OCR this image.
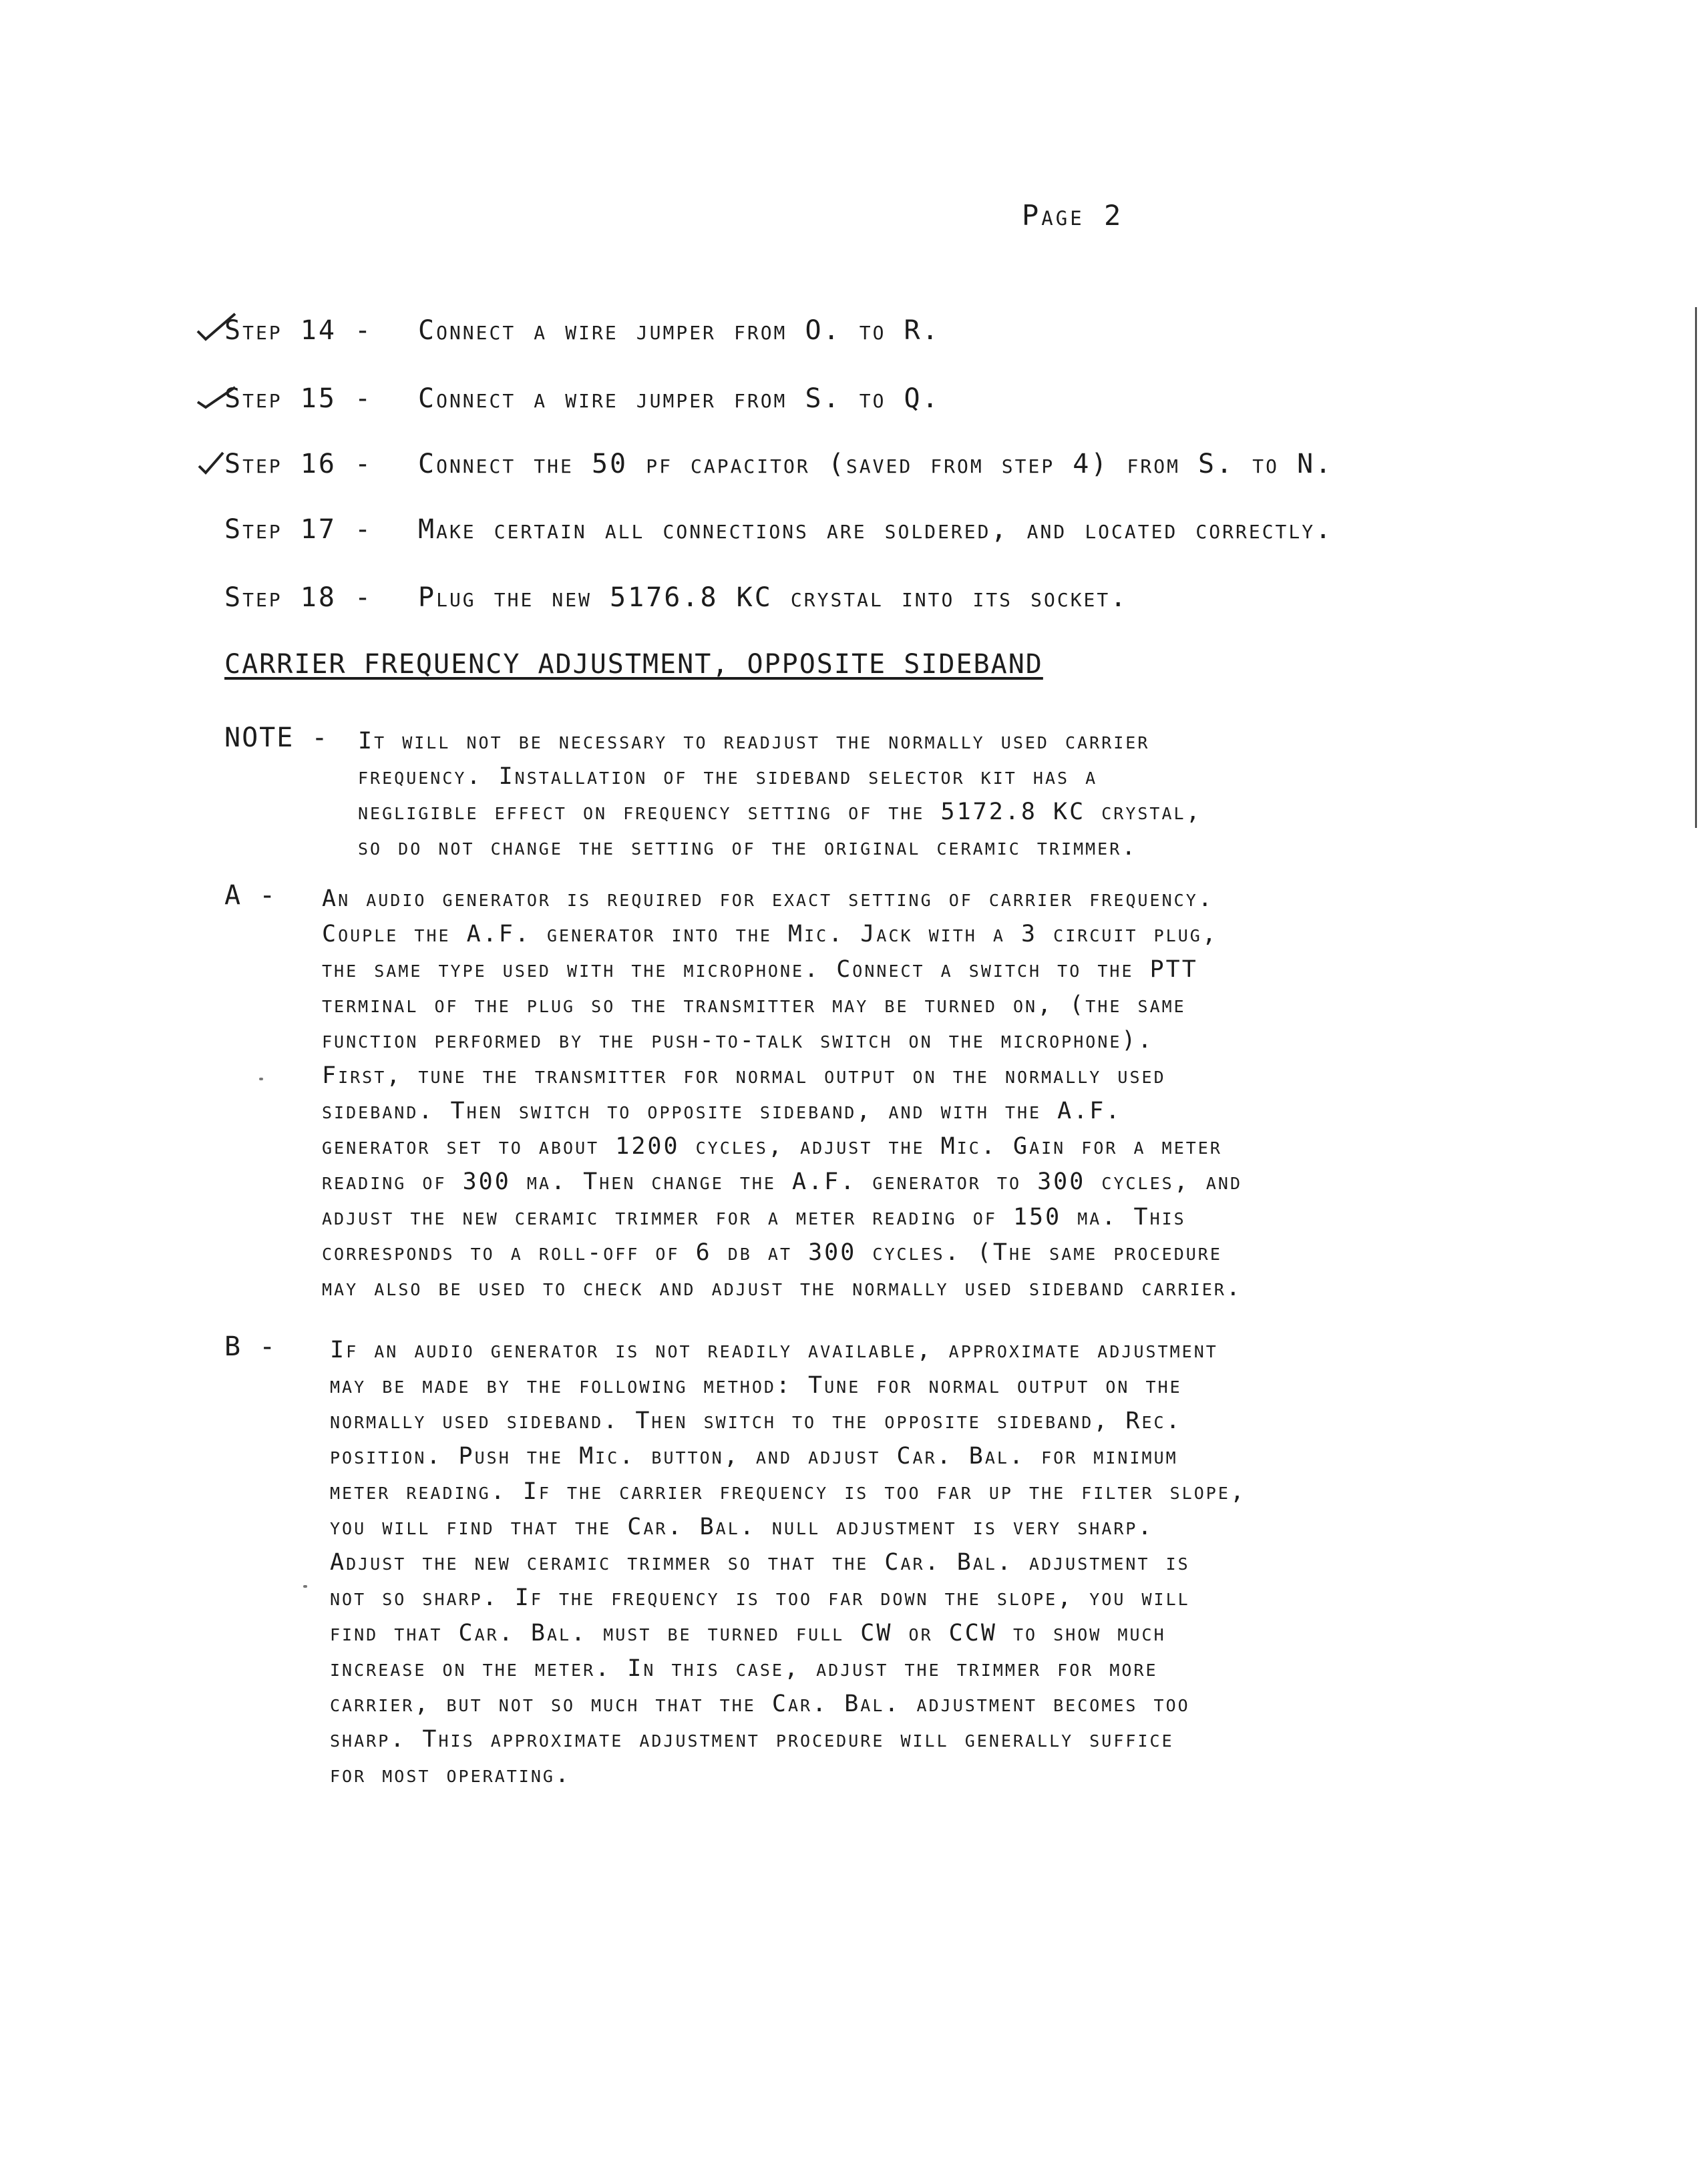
Page 2
Step 14 - Connect a wire jumper from O. to R.
Step 15 - Connect a wire jumper from S. to Q.
Step 16 - Connect the 50 pf capacitor (saved from step 4) from S. to N.
Step 17 - Make certain all connections are soldered, and located correctly.
Step 18 - Plug the new 5176.8 KC crystal into its socket.
CARRIER FREQUENCY ADJUSTMENT, OPPOSITE SIDEBAND
NOTE - It will not be necessary to readjust the normally used carrier
frequency. Installation of the sideband selector kit has a
negligible effect on frequency setting of the 5172.8 KC crystal,
so do not change the setting of the original ceramic trimmer.
A - An audio generator is required for exact setting of carrier frequency.
Couple the A.F. generator into the Mic. Jack with a 3 circuit plug,
the same type used with the microphone. Connect a switch to the PTT
terminal of the plug so the transmitter may be turned on, (the same
function performed by the push-to-talk switch on the microphone).
First, tune the transmitter for normal output on the normally used
sideband. Then switch to opposite sideband, and with the A.F.
generator set to about 1200 cycles, adjust the Mic. Gain for a meter
reading of 300 ma. Then change the A.F. generator to 300 cycles, and
adjust the new ceramic trimmer for a meter reading of 150 ma. This
corresponds to a roll-off of 6 db at 300 cycles. (The same procedure
may also be used to check and adjust the normally used sideband carrier.
B - If an audio generator is not readily available, approximate adjustment
may be made by the following method: Tune for normal output on the
normally used sideband. Then switch to the opposite sideband, Rec.
position. Push the Mic. button, and adjust Car. Bal. for minimum
meter reading. If the carrier frequency is too far up the filter slope,
you will find that the Car. Bal. null adjustment is very sharp.
Adjust the new ceramic trimmer so that the Car. Bal. adjustment is
not so sharp. If the frequency is too far down the slope, you will
find that Car. Bal. must be turned full CW or CCW to show much
increase on the meter. In this case, adjust the trimmer for more
carrier, but not so much that the Car. Bal. adjustment becomes too
sharp. This approximate adjustment procedure will generally suffice
for most operating.
